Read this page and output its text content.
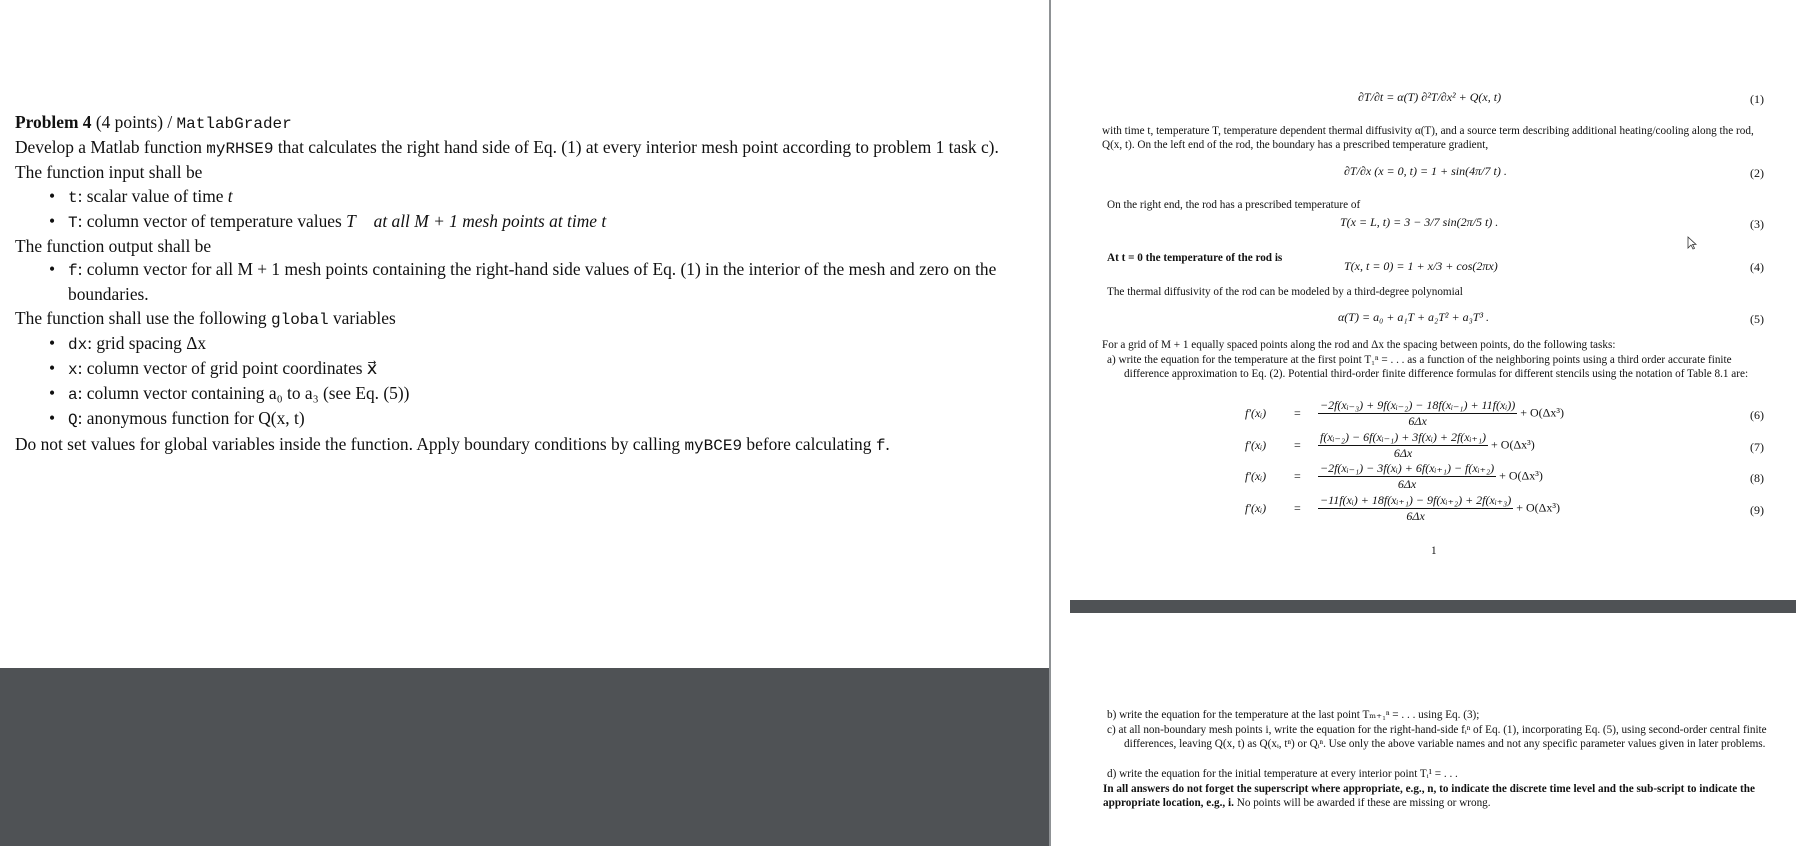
Problem 4 (4 points) / MatlabGrader

Develop a Matlab function myRHSE9 that calculates the right hand side of Eq. (1) at every interior mesh point according to problem 1 task c).

The function input shall be

• t: scalar value of time t
• T: column vector of temperature values T⃗ at all M + 1 mesh points at time t

The function output shall be

• f: column vector for all M + 1 mesh points containing the right-hand side values of Eq. (1) in the interior of the mesh and zero on the boundaries.

The function shall use the following global variables

• dx: grid spacing Δx
• x: column vector of grid point coordinates x⃗
• a: column vector containing a₀ to a₃ (see Eq. (5))
• Q: anonymous function for Q(x, t)

Do not set values for global variables inside the function. Apply boundary conditions by calling myBCE9 before calculating f.

∂T/∂t = α(T) ∂²T/∂x² + Q(x, t)	(1)
with time t, temperature T, temperature dependent thermal diffusivity α(T), and a source term describing additional heating/cooling along the rod, Q(x, t). On the left end of the rod, the boundary has a prescribed temperature gradient,
∂T/∂x (x = 0, t) = 1 + sin(4π/7 t) .	(2)
On the right end, the rod has a prescribed temperature of
T(x = L, t) = 3 − 3/7 sin(2π/5 t) .	(3)
At t = 0 the temperature of the rod is
T(x, t = 0) = 1 + x/3 + cos(2πx)	(4)
The thermal diffusivity of the rod can be modeled by a third-degree polynomial
α(T) = a₀ + a₁T + a₂T² + a₃T³ .	(5)
For a grid of M + 1 equally spaced points along the rod and Δx the spacing between points, do the following tasks:
a) write the equation for the temperature at the first point T₁ⁿ = . . . as a function of the neighboring points using a third order accurate finite difference approximation to Eq. (2). Potential third-order finite difference formulas for different stencils using the notation of Table 8.1 are:
f′(xᵢ) = $\frac{\text{−2f(xᵢ₋₃) + 9f(xᵢ₋₂) − 18f(xᵢ₋₁) + 11f(xᵢ))}}{6\Delta x} + O(\Delta x^3)$	(6)
f′(xᵢ) = $\frac{\text{f(xᵢ₋₂) − 6f(xᵢ₋₁) + 3f(xᵢ) + 2f(xᵢ₊₁)}}{6\Delta x} + O(\Delta x^3)$	(7)
f′(xᵢ) = $\frac{\text{−2f(xᵢ₋₁) − 3f(xᵢ) + 6f(xᵢ₊₁) − f(xᵢ₊₂)}}{6\Delta x} + O(\Delta x^3)$	(8)
f′(xᵢ) = $\frac{\text{−11f(xᵢ) + 18f(xᵢ₊₁) − 9f(xᵢ₊₂) + 2f(xᵢ₊₃)}}{6\Delta x} + O(\Delta x^3)$	(9)
1
b) write the equation for the temperature at the last point Tₘ₊₁ⁿ = . . . using Eq. (3);
c) at all non-boundary mesh points i, write the equation for the right-hand-side fᵢⁿ of Eq. (1), incorporating Eq. (5), using second-order central finite differences, leaving Q(x, t) as Q(xᵢ, tⁿ) or Qᵢⁿ. Use only the above variable names and not any specific parameter values given in later problems.
d) write the equation for the initial temperature at every interior point Tᵢ¹ = . . .
In all answers do not forget the superscript where appropriate, e.g., n, to indicate the discrete time level and the sub-script to indicate the appropriate location, e.g., i. No points will be awarded if these are missing or wrong.
